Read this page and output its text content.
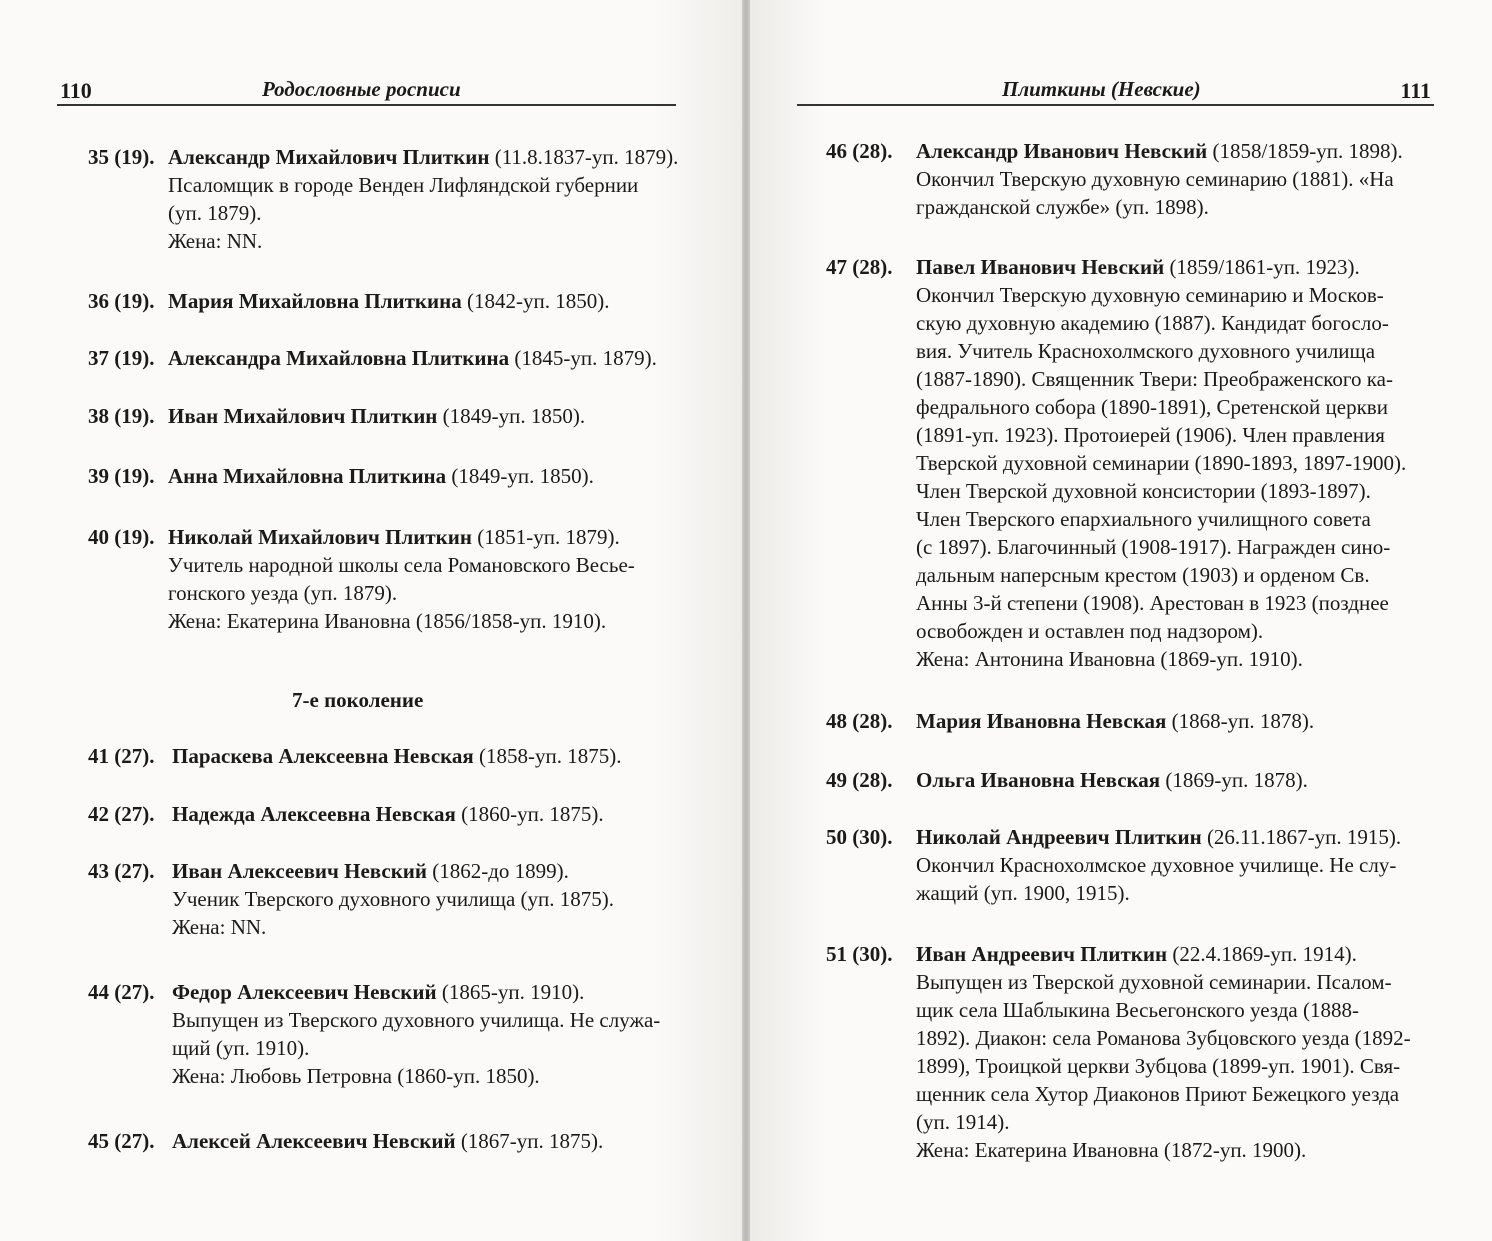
110	Родословные росписи
7-е поколение
35 (19). Александр Михайлович Плиткин (11.8.1837-уп. 1879).
Псаломщик в городе Венден Лифляндской губернии
(уп. 1879).
Жена: NN.
36 (19). Мария Михайловна Плиткина (1842-уп. 1850).
37 (19). Александра Михайловна Плиткина (1845-уп. 1879).
38 (19). Иван Михайлович Плиткин (1849-уп. 1850).
39 (19). Анна Михайловна Плиткина (1849-уп. 1850).
40 (19). Николай Михайлович Плиткин (1851-уп. 1879).
Учитель народной школы села Романовского Весье-
гонского уезда (уп. 1879).
Жена: Екатерина Ивановна (1856/1858-уп. 1910).
41 (27). Параскева Алексеевна Невская (1858-уп. 1875).
42 (27). Надежда Алексеевна Невская (1860-уп. 1875).
43 (27). Иван Алексеевич Невский (1862-до 1899).
Ученик Тверского духовного училища (уп. 1875).
Жена: NN.
44 (27). Федор Алексеевич Невский (1865-уп. 1910).
Выпущен из Тверского духовного училища. Не служа-
щий (уп. 1910).
Жена: Любовь Петровна (1860-уп. 1850).
45 (27). Алексей Алексеевич Невский (1867-уп. 1875).
Плиткины (Невские)	111
46 (28). Александр Иванович Невский (1858/1859-уп. 1898).
Окончил Тверскую духовную семинарию (1881). «На
гражданской службе» (уп. 1898).
47 (28). Павел Иванович Невский (1859/1861-уп. 1923).
Окончил Тверскую духовную семинарию и Москов-
скую духовную академию (1887). Кандидат богосло-
вия. Учитель Краснохолмского духовного училища
(1887-1890). Священник Твери: Преображенского ка-
федрального собора (1890-1891), Сретенской церкви
(1891-уп. 1923). Протоиерей (1906). Член правления
Тверской духовной семинарии (1890-1893, 1897-1900).
Член Тверской духовной консистории (1893-1897).
Член Тверского епархиального училищного совета
(с 1897). Благочинный (1908-1917). Награжден сино-
дальным наперсным крестом (1903) и орденом Св.
Анны 3-й степени (1908). Арестован в 1923 (позднее
освобожден и оставлен под надзором).
Жена: Антонина Ивановна (1869-уп. 1910).
48 (28). Мария Ивановна Невская (1868-уп. 1878).
49 (28). Ольга Ивановна Невская (1869-уп. 1878).
50 (30). Николай Андреевич Плиткин (26.11.1867-уп. 1915).
Окончил Краснохолмское духовное училище. Не слу-
жащий (уп. 1900, 1915).
51 (30). Иван Андреевич Плиткин (22.4.1869-уп. 1914).
Выпущен из Тверской духовной семинарии. Псалом-
щик села Шаблыкина Весьегонского уезда (1888-
1892). Диакон: села Романова Зубцовского уезда (1892-
1899), Троицкой церкви Зубцова (1899-уп. 1901). Свя-
щенник села Хутор Диаконов Приют Бежецкого уезда
(уп. 1914).
Жена: Екатерина Ивановна (1872-уп. 1900).
